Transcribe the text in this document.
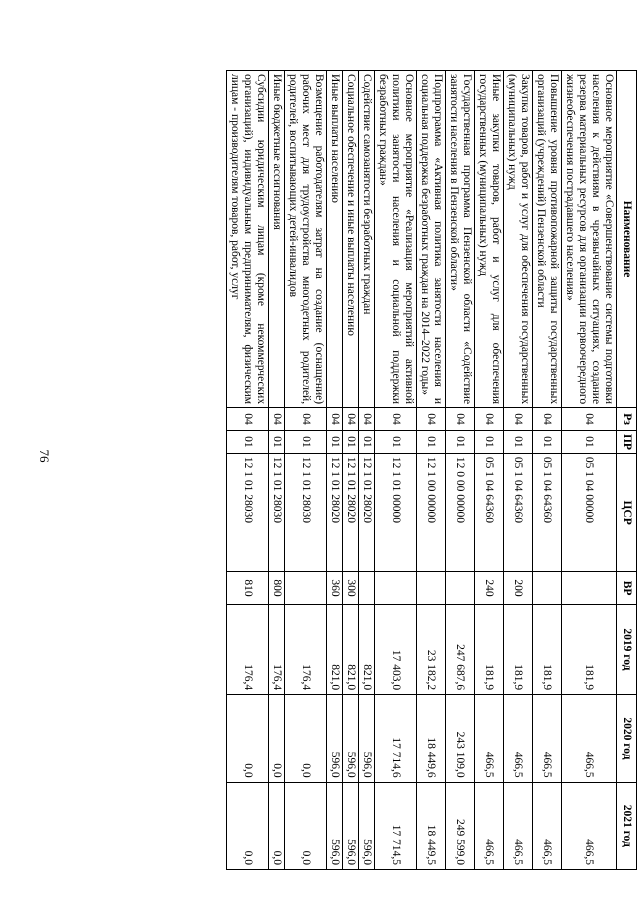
76
Наименование	Рз	ПР	ЦСР	ВР	2019 год	2020 год	2021 год
Основное мероприятие «Совершенствование системы подготовки населения к действиям в чрезвычайных ситуациях, создание резерва материальных ресурсов для организации первоочередного жизнеобеспечения пострадавшего населения»	04	01	05 1 04 00000		181,9	466,5	466,5
Повышение уровня противопожарной защиты государственных организаций (учреждений) Пензенской области	04	01	05 1 04 64360		181,9	466,5	466,5
Закупка товаров, работ и услуг для обеспечения государственных (муниципальных) нужд	04	01	05 1 04 64360	200	181,9	466,5	466,5
Иные закупки товаров, работ и услуг для обеспечения государственных (муниципальных) нужд	04	01	05 1 04 64360	240	181,9	466,5	466,5
Государственная программа Пензенской области «Содействие занятости населения в Пензенской области»	04	01	12 0 00 00000		247 687,6	243 109,0	249 599,0
Подпрограмма «Активная политика занятости населения и социальная поддержка безработных граждан на 2014–2022 годы»	04	01	12 1 00 00000		23 182,2	18 449,6	18 449,5
Основное мероприятие «Реализация мероприятий активной политики занятости населения и социальной поддержки безработных граждан»	04	01	12 1 01 00000		17 403,0	17 714,6	17 714,5
Содействие самозанятости безработных граждан	04	01	12 1 01 28020		821,0	596,0	596,0
Социальное обеспечение и иные выплаты населению	04	01	12 1 01 28020	300	821,0	596,0	596,0
Иные выплаты населению	04	01	12 1 01 28020	360	821,0	596,0	596,0
Возмещение работодателям затрат на создание (оснащение) рабочих мест для трудоустройства многодетных родителей, родителей, воспитывающих детей-инвалидов	04	01	12 1 01 28030		176,4	0,0	0,0
Иные бюджетные ассигнования	04	01	12 1 01 28030	800	176,4	0,0	0,0
Субсидии юридическим лицам (кроме некоммерческих организаций), индивидуальным предпринимателям, физическим лицам - производителям товаров, работ, услуг	04	01	12 1 01 28030	810	176,4	0,0	0,0
